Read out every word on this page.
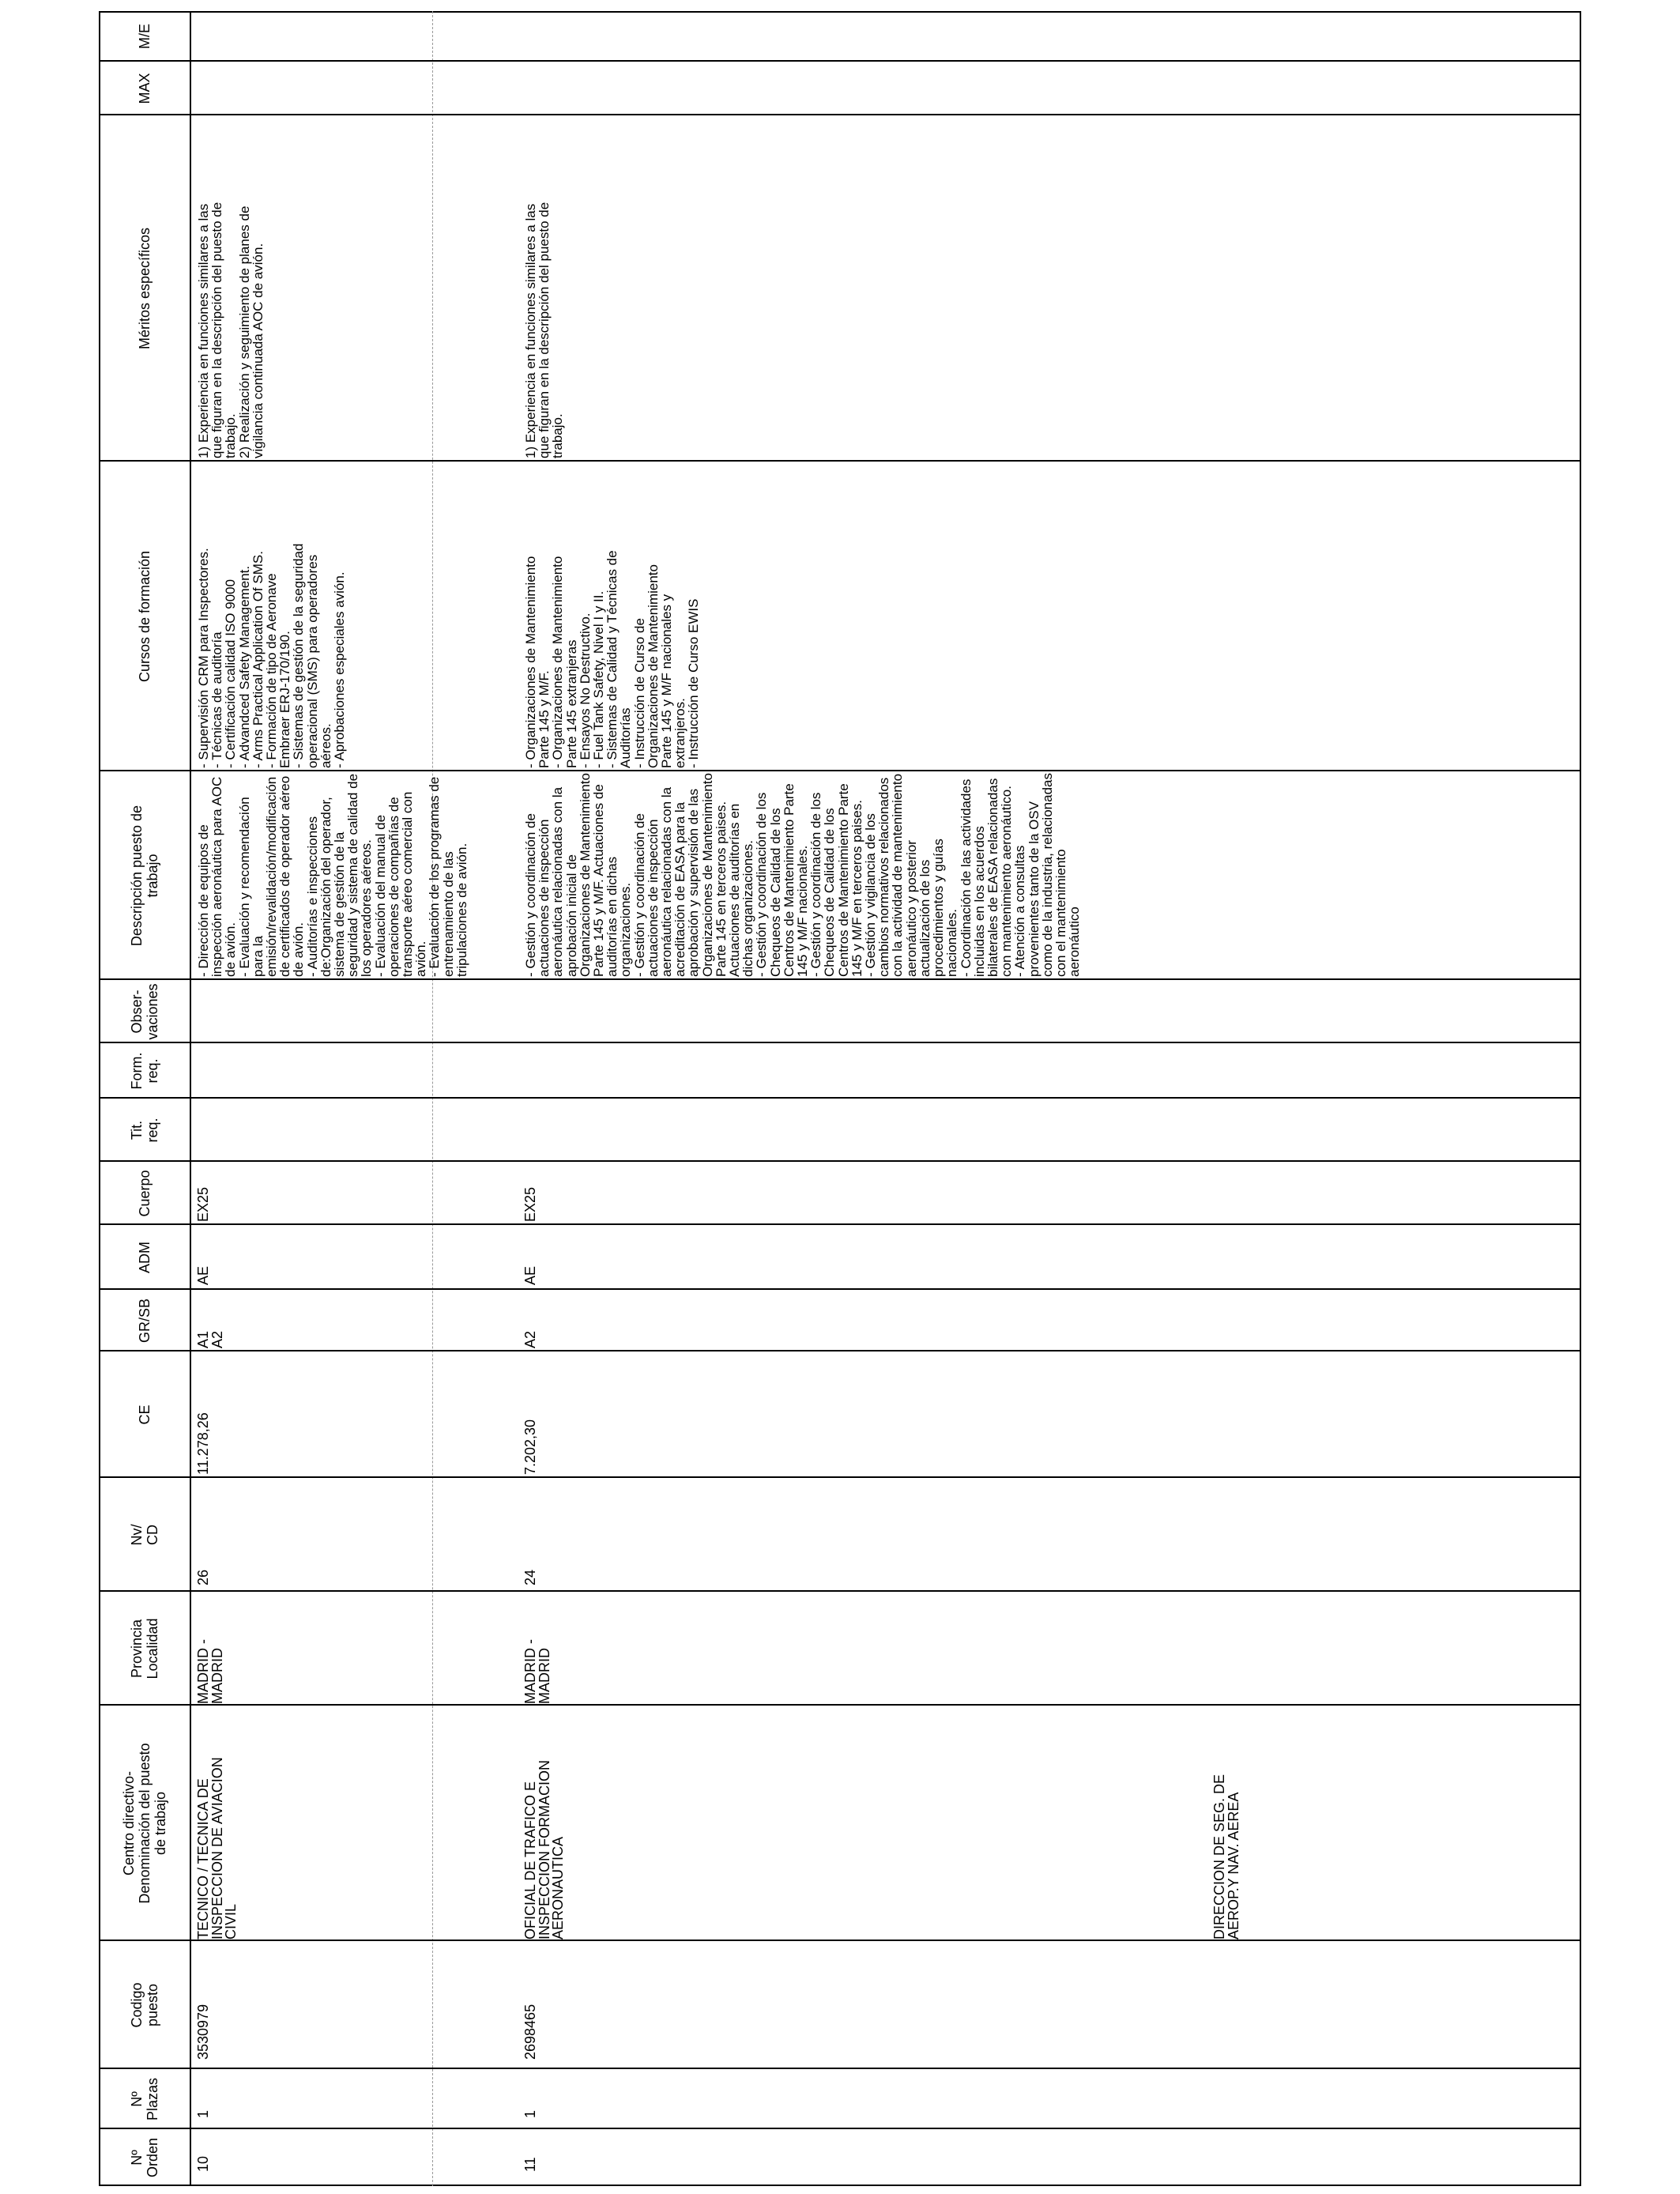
Nº
Orden
Nº
Plazas
Codigo
puesto
Centro directivo-
Denominación del puesto
de trabajo
Provincia
Localidad
Nv/
CD
CE
GR/SB
ADM
Cuerpo
Tit.
req.
Form.
req.
Obser-
vaciones
Descripción puesto de
trabajo
Cursos de formación
Méritos específicos
MAX
M/E
10
1
3530979
TECNICO / TECNICA DE
INSPECCION DE AVIACION
CIVIL
MADRID -
MADRID
26
11.278,26
A1
A2
AE
EX25
- Dirección de equipos de
inspección aeronáutica para AOC
de avión.
- Evaluación y recomendación
para la
emisión/revalidación/modificación
de certificados de operador aéreo
de avión.
- Auditorías e inspecciones
de:Organización del operador,
sistema de gestión de la
seguridad y sistema de calidad de
los operadores aéreos.
- Evaluación del manual de
operaciones de compañías de
transporte aéreo comercial con
avión.
- Evaluación de los programas de
entrenamiento de las
tripulaciones de avión.
- Supervisión CRM para Inspectores.
- Técnicas de auditoría
- Certificación calidad ISO 9000
- Advandced Safety Management.
- Arms Practical Application Of SMS.
- Formación de tipo de Aeronave
Embraer ERJ-170/190.
- Sistemas de gestión de la seguridad
operacional (SMS) para operadores
aéreos.
- Aprobaciones especiales avión.
1) Experiencia en funciones similares a las
que figuran en la descripción del puesto de
trabajo.
2) Realización y seguimiento de planes de
vigilancia continuada AOC de avión.
11
1
2698465
OFICIAL DE TRAFICO E
INSPECCION FORMACION
AERONAUTICA
MADRID -
MADRID
24
7.202,30
A2
AE
EX25
- Gestión y coordinación de
actuaciones de inspección
aeronáutica relacionadas con la
aprobación inicial de
Organizaciones de Mantenimiento
Parte 145 y M/F. Actuaciones de
auditorías en dichas
organizaciones.
- Gestión y coordinación de
actuaciones de inspección
aeronáutica relacionadas con la
acreditación de EASA para la
aprobación y supervisión de las
Organizaciones de Mantenimiento
Parte 145 en terceros paises.
Actuaciones de auditorías en
dichas organizaciones.
- Gestión y coordinación de los
Chequeos de Calidad de los
Centros de Mantenimiento Parte
145 y M/F nacionales.
- Gestión y coordinación de los
Chequeos de Calidad de los
Centros de Mantenimiento Parte
145 y M/F en terceros paises.
- Gestión y vigilancia de los
cambios normativos relacionados
con la actividad de mantenimiento
aeronáutico y posterior
actualización de los
procedimientos y guías
nacionales.
- Coordinación de las actividades
incluidas en los acuerdos
bilaterales de EASA relacionadas
con mantenimiento aeronáutico.
- Atención a consultas
provenientes tanto de la OSV
como de la industria, relacionadas
con el mantenimiento
aeronáutico
- Organizaciones de Mantenimiento
Parte 145 y M/F.
- Organizaciones de Mantenimiento
Parte 145 extranjeras
- Ensayos No Destructivo.
- Fuel Tank Safety, Nivel I y II.
- Sistemas de Calidad y Técnicas de
Auditorías
- Instrucción de Curso de
Organizaciones de Mantenimiento
Parte 145 y M/F nacionales y
extranjeros.
- Instrucción de Curso EWIS
1) Experiencia en funciones similares a las
que figuran en la descripción del puesto de
trabajo.
DIRECCION DE SEG. DE
AEROP.Y NAV. AEREA
